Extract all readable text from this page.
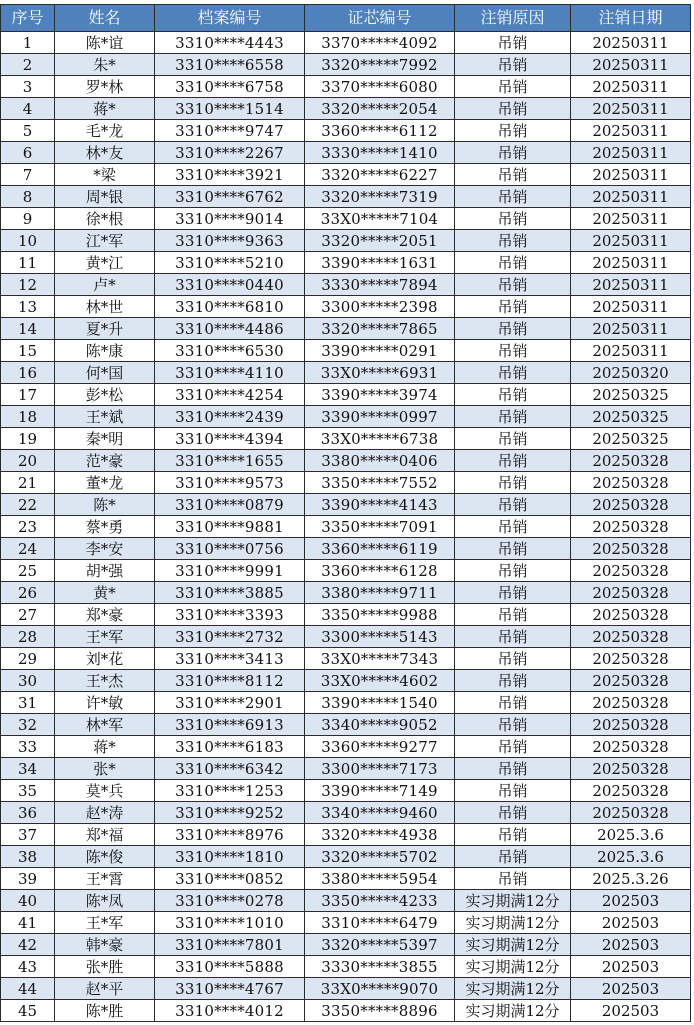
序号	姓名	档案编号	证芯编号	注销原因	注销日期
1	陈*谊	3310****4443	3370*****4092	吊销	20250311
2	朱*	3310****6558	3320*****7992	吊销	20250311
3	罗*林	3310****6758	3370*****6080	吊销	20250311
4	蒋*	3310****1514	3320*****2054	吊销	20250311
5	毛*龙	3310****9747	3360*****6112	吊销	20250311
6	林*友	3310****2267	3330*****1410	吊销	20250311
7	*梁	3310****3921	3320*****6227	吊销	20250311
8	周*银	3310****6762	3320*****7319	吊销	20250311
9	徐*根	3310****9014	33X0*****7104	吊销	20250311
10	江*军	3310****9363	3320*****2051	吊销	20250311
11	黄*江	3310****5210	3390*****1631	吊销	20250311
12	卢*	3310****0440	3330*****7894	吊销	20250311
13	林*世	3310****6810	3300*****2398	吊销	20250311
14	夏*升	3310****4486	3320*****7865	吊销	20250311
15	陈*康	3310****6530	3390*****0291	吊销	20250311
16	何*国	3310****4110	33X0*****6931	吊销	20250320
17	彭*松	3310****4254	3390*****3974	吊销	20250325
18	王*斌	3310****2439	3390*****0997	吊销	20250325
19	秦*明	3310****4394	33X0*****6738	吊销	20250325
20	范*豪	3310****1655	3380*****0406	吊销	20250328
21	董*龙	3310****9573	3350*****7552	吊销	20250328
22	陈*	3310****0879	3390*****4143	吊销	20250328
23	蔡*勇	3310****9881	3350*****7091	吊销	20250328
24	李*安	3310****0756	3360*****6119	吊销	20250328
25	胡*强	3310****9991	3360*****6128	吊销	20250328
26	黄*	3310****3885	3380*****9711	吊销	20250328
27	郑*豪	3310****3393	3350*****9988	吊销	20250328
28	王*军	3310****2732	3300*****5143	吊销	20250328
29	刘*花	3310****3413	33X0*****7343	吊销	20250328
30	王*杰	3310****8112	33X0*****4602	吊销	20250328
31	许*敏	3310****2901	3390*****1540	吊销	20250328
32	林*军	3310****6913	3340*****9052	吊销	20250328
33	蒋*	3310****6183	3360*****9277	吊销	20250328
34	张*	3310****6342	3300*****7173	吊销	20250328
35	莫*兵	3310****1253	3390*****7149	吊销	20250328
36	赵*涛	3310****9252	3340*****9460	吊销	20250328
37	郑*福	3310****8976	3320*****4938	吊销	2025.3.6
38	陈*俊	3310****1810	3320*****5702	吊销	2025.3.6
39	王*霄	3310****0852	3380*****5954	吊销	2025.3.26
40	陈*凤	3310****0278	3350*****4233	实习期满12分	202503
41	王*军	3310****1010	3310*****6479	实习期满12分	202503
42	韩*豪	3310****7801	3320*****5397	实习期满12分	202503
43	张*胜	3310****5888	3330*****3855	实习期满12分	202503
44	赵*平	3310****4767	33X0*****9070	实习期满12分	202503
45	陈*胜	3310****4012	3350*****8896	实习期满12分	202503
